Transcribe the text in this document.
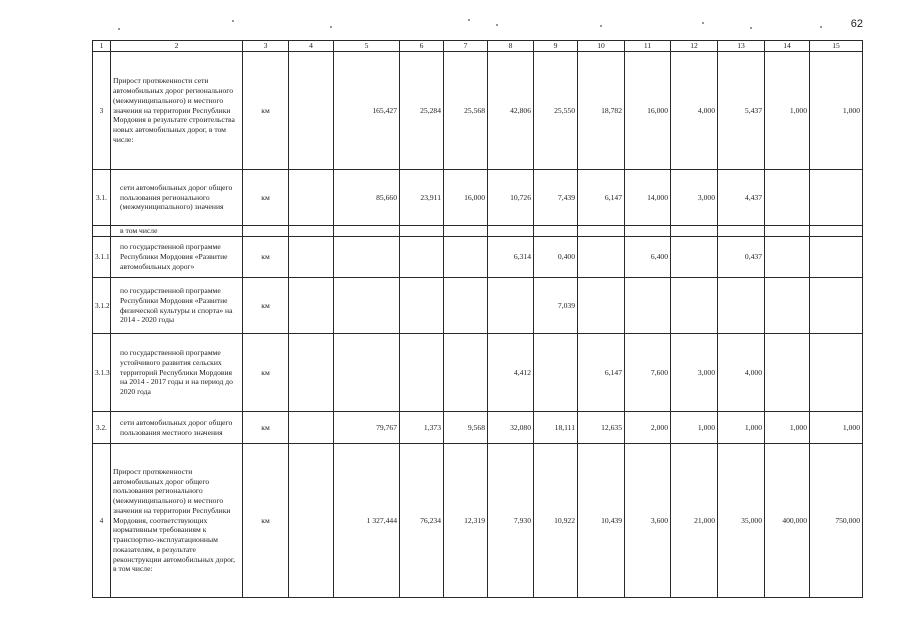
62
1	2	3	4	5	6	7	8	9	10	11	12	13	14	15
3	Прирост протяженности сети автомобильных дорог регионального (межмуниципального) и местного значения на территории Республики Мордовия в результате строительства новых автомобильных дорог, в том числе:	км		165,427	25,284	25,568	42,806	25,550	18,782	16,000	4,000	5,437	1,000	1,000
3.1.	сети автомобильных дорог общего пользования регионального (межмуниципального) значения	км		85,660	23,911	16,000	10,726	7,439	6,147	14,000	3,000	4,437		
	в том числе													
3.1.1.	по государственной программе Республики Мордовия «Развитие автомобильных дорог»	км					6,314	0,400		6,400		0,437		
3.1.2.	по государственной программе Республики Мордовия «Развитие физической культуры и спорта» на 2014 - 2020 годы	км						7,039						
3.1.3.	по государственной программе устойчивого развития сельских территорий Республики Мордовия на 2014 - 2017 годы и на период до 2020 года	км					4,412		6,147	7,600	3,000	4,000		
3.2.	сети автомобильных дорог общего пользования местного значения	км		79,767	1,373	9,568	32,080	18,111	12,635	2,000	1,000	1,000	1,000	1,000
4	Прирост протяженности автомобильных дорог общего пользования регионального (межмуниципального) и местного значения на территории Республики Мордовия, соответствующих нормативным требованиям к транспортно-эксплуатационным показателям, в результате реконструкции автомобильных дорог, в том числе:	км		1 327,444	76,234	12,319	7,930	10,922	10,439	3,600	21,000	35,000	400,000	750,000
